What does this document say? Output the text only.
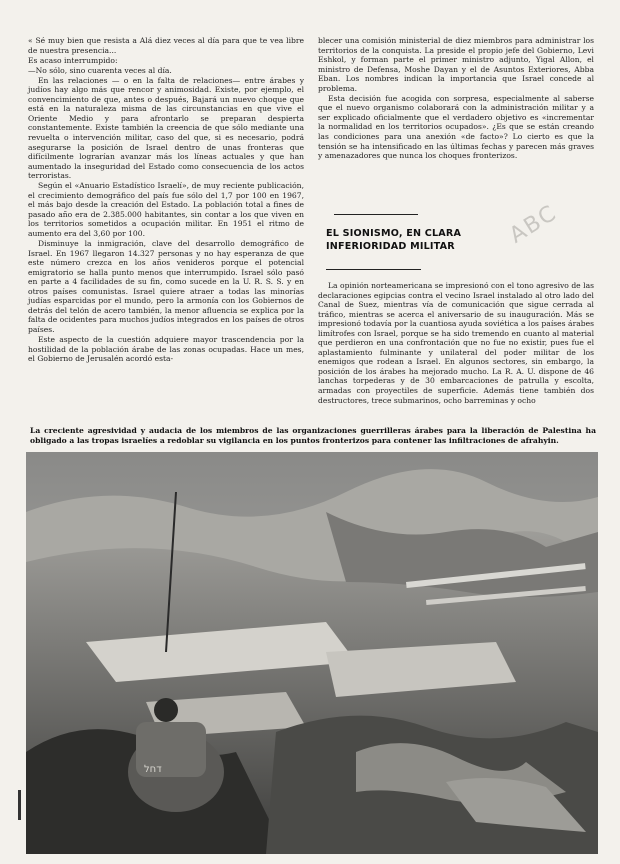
« Sé muy bien que resista a Alá diez veces al día para que te vea libre de nuestra presencia...

Es acaso interrumpido:

—No sólo, sino cuarenta veces al día.

En las relaciones — o en la falta de relaciones— entre árabes y judíos hay algo más que rencor y animosidad. Existe, por ejemplo, el convencimiento de que, antes o después, Bajará un nuevo choque que está en la naturaleza misma de las circunstancias en que vive el Oriente Medio y para afrontarlo se preparan despierta constantemente. Existe también la creencia de que sólo mediante una revuelta o intervención militar, caso del que, si es necesario, podrá asegurarse la posición de Israel dentro de unas fronteras que difícilmente lograrían avanzar más los líneas actuales y que han aumentado la inseguridad del Estado como consecuencia de los actos terroristas.

Según el «Anuario Estadístico Israelí», de muy reciente publicación, el crecimiento demográfico del país fue sólo del 1,7 por 100 en 1967, el más bajo desde la creación del Estado. La población total a fines de pasado año era de 2.385.000 habitantes, sin contar a los que viven en los territorios sometidos a ocupación militar. En 1951 el ritmo de aumento era del 3,60 por 100.

Disminuye la inmigración, clave del desarrollo demográfico de Israel. En 1967 llegaron 14.327 personas y no hay esperanza de que este número crezca en los años venideros porque el potencial emigratorio se halla punto menos que interrumpido. Israel sólo pasó en parte a 4 facilidades de su fin, como sucede en la U. R. S. S. y en otros países comunistas. Israel quiere atraer a todas las minorías judías esparcidas por el mundo, pero la armonía con los Gobiernos de detrás del telón de acero también, la menor afluencia se explica por la falta de ocidentes para muchos judíos integrados en los países de otros países.

Este aspecto de la cuestión adquiere mayor trascendencia por la hostilidad de la población árabe de las zonas ocupadas. Hace un mes, el Gobierno de Jerusalén acordó esta-

blecer una comisión ministerial de diez miembros para administrar los territorios de la conquista. La preside el propio jefe del Gobierno, Levi Eshkol, y forman parte el primer ministro adjunto, Yigal Allon, el ministro de Defensa, Moshe Dayan y el de Asuntos Exteriores, Abba Eban. Los nombres indican la importancia que Israel concede al problema.

Esta decisión fue acogida con sorpresa, especialmente al saberse que el nuevo organismo colaborará con la administración militar y a ser explicado oficialmente que el verdadero objetivo es «incrementar la normalidad en los territorios ocupados». ¿Es que se están creando las condiciones para una anexión «de facto»? Lo cierto es que la tensión se ha intensificado en las últimas fechas y parecen más graves y amenazadores que nunca los choques fronterizos.

EL SIONISMO, EN CLARA INFERIORIDAD MILITAR	ABC

La opinión norteamericana se impresionó con el tono agresivo de las declaraciones egipcias contra el vecino Israel instalado al otro lado del Canal de Suez, mientras vía de comunicación que sigue cerrada al tráfico, mientras se acerca el aniversario de su inauguración. Más se impresionó todavía por la cuantiosa ayuda soviética a los países árabes limítrofes con Israel, porque se ha sido tremendo en cuanto al material que perdieron en una confrontación que no fue no existir, pues fue el aplastamiento fulminante y unilateral del poder militar de los enemigos que rodean a Israel. En algunos sectores, sin embargo, la posición de los árabes ha mejorado mucho. La R. A. U. dispone de 46 lanchas torpederas y de 30 embarcaciones de patrulla y escolta, armadas con proyectiles de superficie. Además tiene también dos destructores, trece submarinos, ocho barreminas y ocho

La creciente agresividad y audacia de los miembros de las organizaciones guerrilleras árabes para la liberación de Palestina ha obligado a las tropas israelíes a redoblar su vigilancia en los puntos fronterizos para contener las infiltraciones de afrahyin.
דחל
